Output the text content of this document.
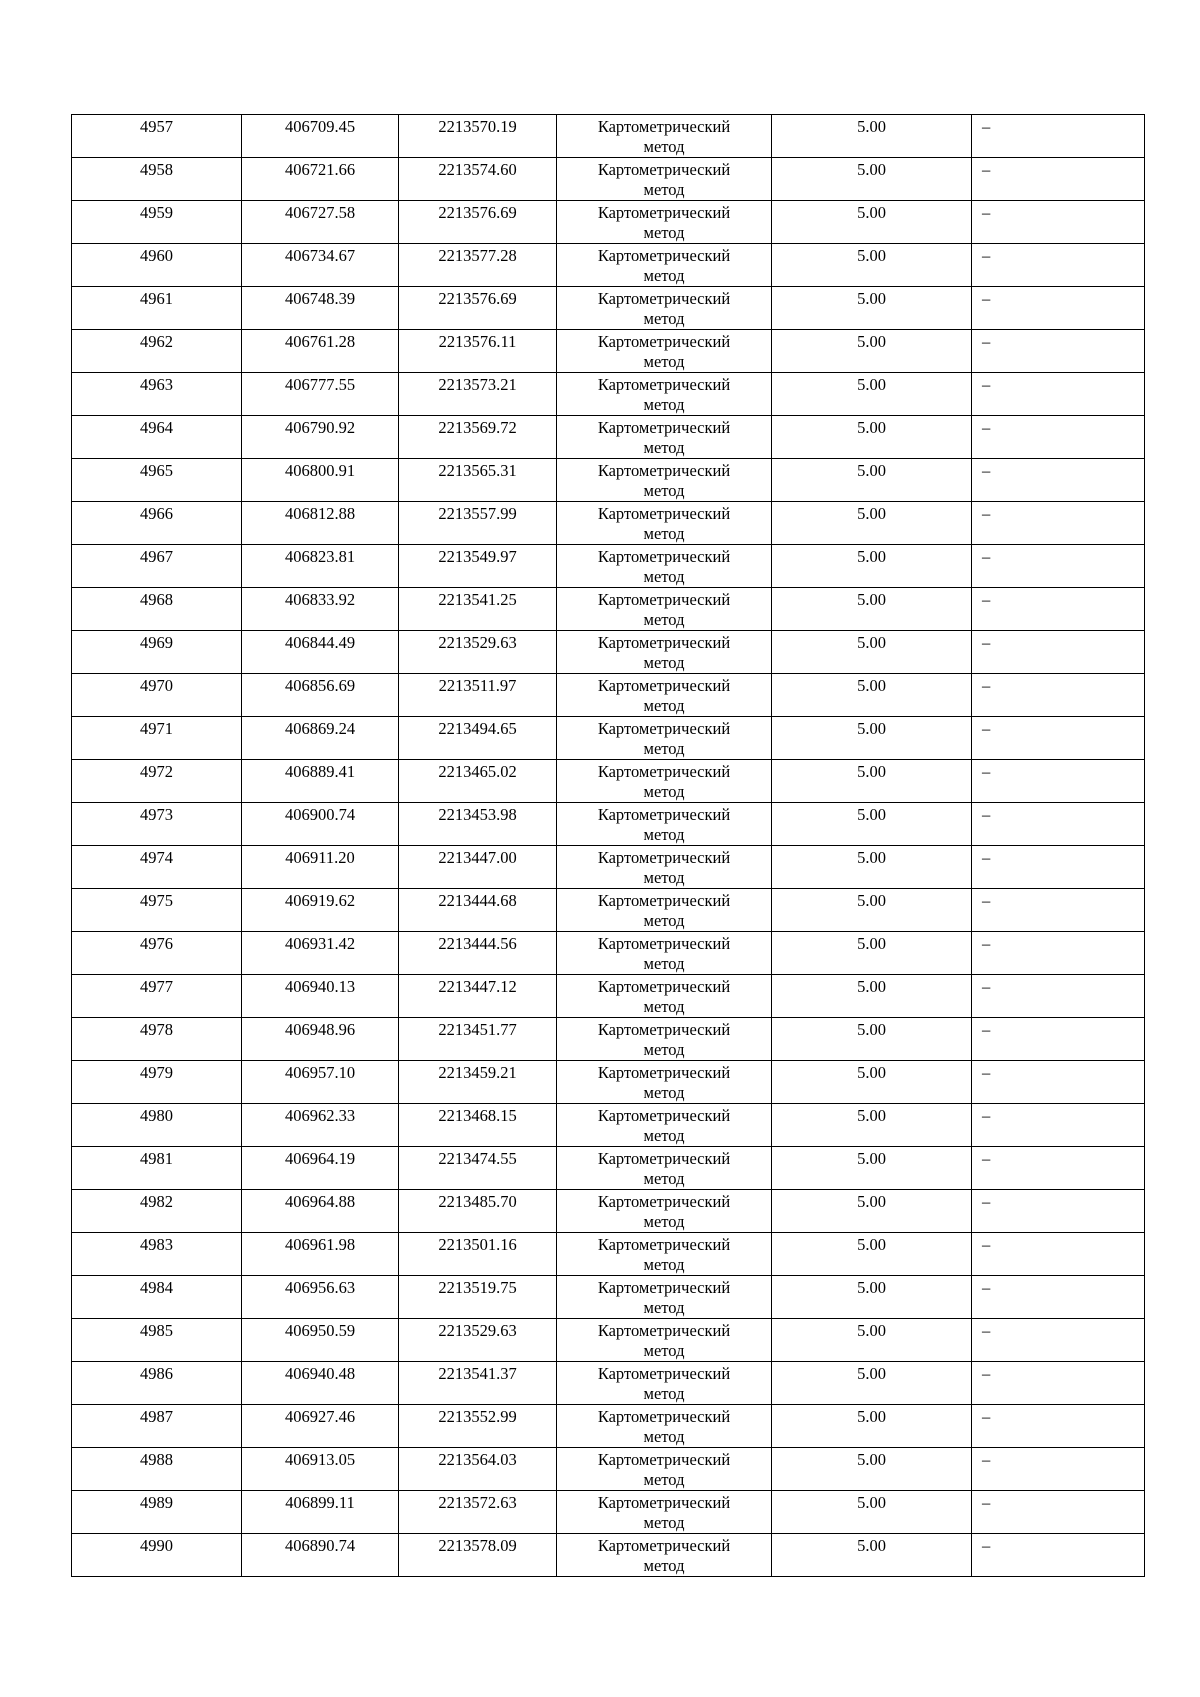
4957	406709.45	2213570.19	Картометрический
метод	5.00	–
4958	406721.66	2213574.60	Картометрический
метод	5.00	–
4959	406727.58	2213576.69	Картометрический
метод	5.00	–
4960	406734.67	2213577.28	Картометрический
метод	5.00	–
4961	406748.39	2213576.69	Картометрический
метод	5.00	–
4962	406761.28	2213576.11	Картометрический
метод	5.00	–
4963	406777.55	2213573.21	Картометрический
метод	5.00	–
4964	406790.92	2213569.72	Картометрический
метод	5.00	–
4965	406800.91	2213565.31	Картометрический
метод	5.00	–
4966	406812.88	2213557.99	Картометрический
метод	5.00	–
4967	406823.81	2213549.97	Картометрический
метод	5.00	–
4968	406833.92	2213541.25	Картометрический
метод	5.00	–
4969	406844.49	2213529.63	Картометрический
метод	5.00	–
4970	406856.69	2213511.97	Картометрический
метод	5.00	–
4971	406869.24	2213494.65	Картометрический
метод	5.00	–
4972	406889.41	2213465.02	Картометрический
метод	5.00	–
4973	406900.74	2213453.98	Картометрический
метод	5.00	–
4974	406911.20	2213447.00	Картометрический
метод	5.00	–
4975	406919.62	2213444.68	Картометрический
метод	5.00	–
4976	406931.42	2213444.56	Картометрический
метод	5.00	–
4977	406940.13	2213447.12	Картометрический
метод	5.00	–
4978	406948.96	2213451.77	Картометрический
метод	5.00	–
4979	406957.10	2213459.21	Картометрический
метод	5.00	–
4980	406962.33	2213468.15	Картометрический
метод	5.00	–
4981	406964.19	2213474.55	Картометрический
метод	5.00	–
4982	406964.88	2213485.70	Картометрический
метод	5.00	–
4983	406961.98	2213501.16	Картометрический
метод	5.00	–
4984	406956.63	2213519.75	Картометрический
метод	5.00	–
4985	406950.59	2213529.63	Картометрический
метод	5.00	–
4986	406940.48	2213541.37	Картометрический
метод	5.00	–
4987	406927.46	2213552.99	Картометрический
метод	5.00	–
4988	406913.05	2213564.03	Картометрический
метод	5.00	–
4989	406899.11	2213572.63	Картометрический
метод	5.00	–
4990	406890.74	2213578.09	Картометрический
метод	5.00	–
